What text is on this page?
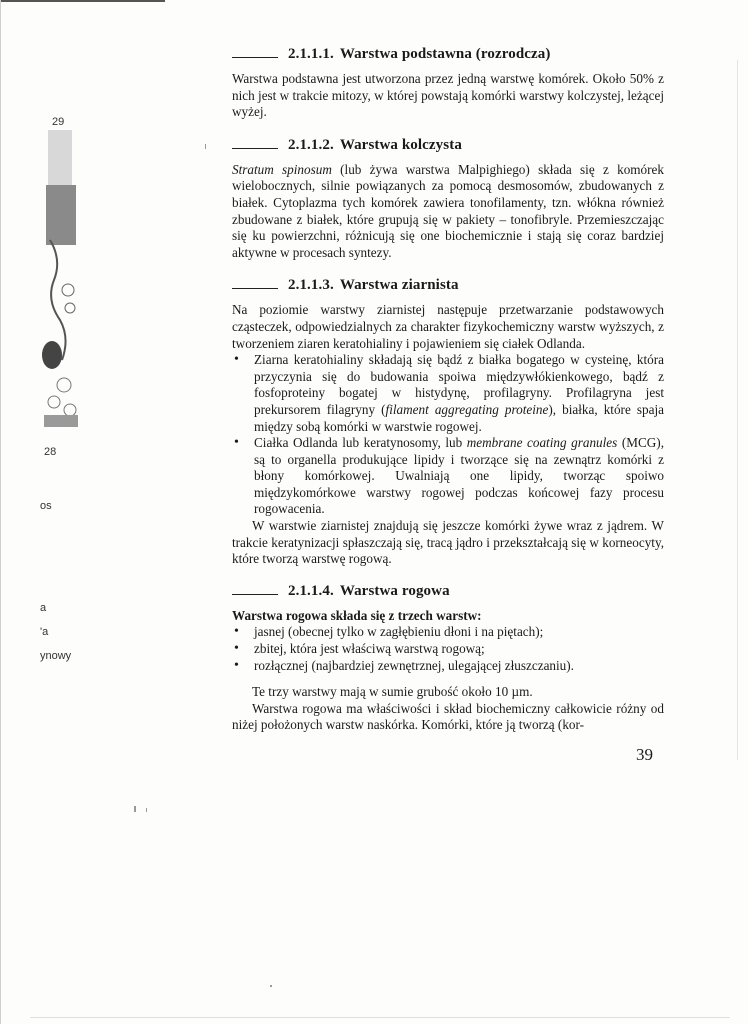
29
28
os
a
'a
ynowy
2.1.1.1. Warstwa podstawna (rozrodcza)

Warstwa podstawna jest utworzona przez jedną warstwę komórek. Około 50% z nich jest w trakcie mitozy, w której powstają komórki warstwy kolczystej, leżącej wyżej.

2.1.1.2. Warstwa kolczysta

Stratum spinosum (lub żywa warstwa Malpighiego) składa się z komórek wielobocznych, silnie powiązanych za pomocą desmosomów, zbudowanych z białek. Cytoplazma tych komórek zawiera tonofilamenty, tzn. włókna również zbudowane z białek, które grupują się w pakiety – tonofibryle. Przemieszczając się ku powierzchni, różnicują się one biochemicznie i stają się coraz bardziej aktywne w procesach syntezy.

2.1.1.3. Warstwa ziarnista

Na poziomie warstwy ziarnistej następuje przetwarzanie podstawowych cząsteczek, odpowiedzialnych za charakter fizykochemiczny warstw wyższych, z tworzeniem ziaren keratohialiny i pojawieniem się ciałek Odlanda.

• Ziarna keratohialiny składają się bądź z białka bogatego w cysteinę, która przyczynia się do budowania spoiwa międzywłókienkowego, bądź z fosfoproteiny bogatej w histydynę, profilagryny. Profilagryna jest prekursorem filagryny (filament aggregating proteine), białka, które spaja między sobą komórki w warstwie rogowej.
• Ciałka Odlanda lub keratynosomy, lub membrane coating granules (MCG), są to organella produkujące lipidy i tworzące się na zewnątrz komórki z błony komórkowej. Uwalniają one lipidy, tworząc spoiwo międzykomórkowe warstwy rogowej podczas końcowej fazy procesu rogowacenia.

W warstwie ziarnistej znajdują się jeszcze komórki żywe wraz z jądrem. W trakcie keratynizacji spłaszczają się, tracą jądro i przekształcają się w korneocyty, które tworzą warstwę rogową.

2.1.1.4. Warstwa rogowa

Warstwa rogowa składa się z trzech warstw:

• jasnej (obecnej tylko w zagłębieniu dłoni i na piętach);
• zbitej, która jest właściwą warstwą rogową;
• rozłącznej (najbardziej zewnętrznej, ulegającej złuszczaniu).

Te trzy warstwy mają w sumie grubość około 10 µm.

Warstwa rogowa ma właściwości i skład biochemiczny całkowicie różny od niżej położonych warstw naskórka. Komórki, które ją tworzą (kor-

39
